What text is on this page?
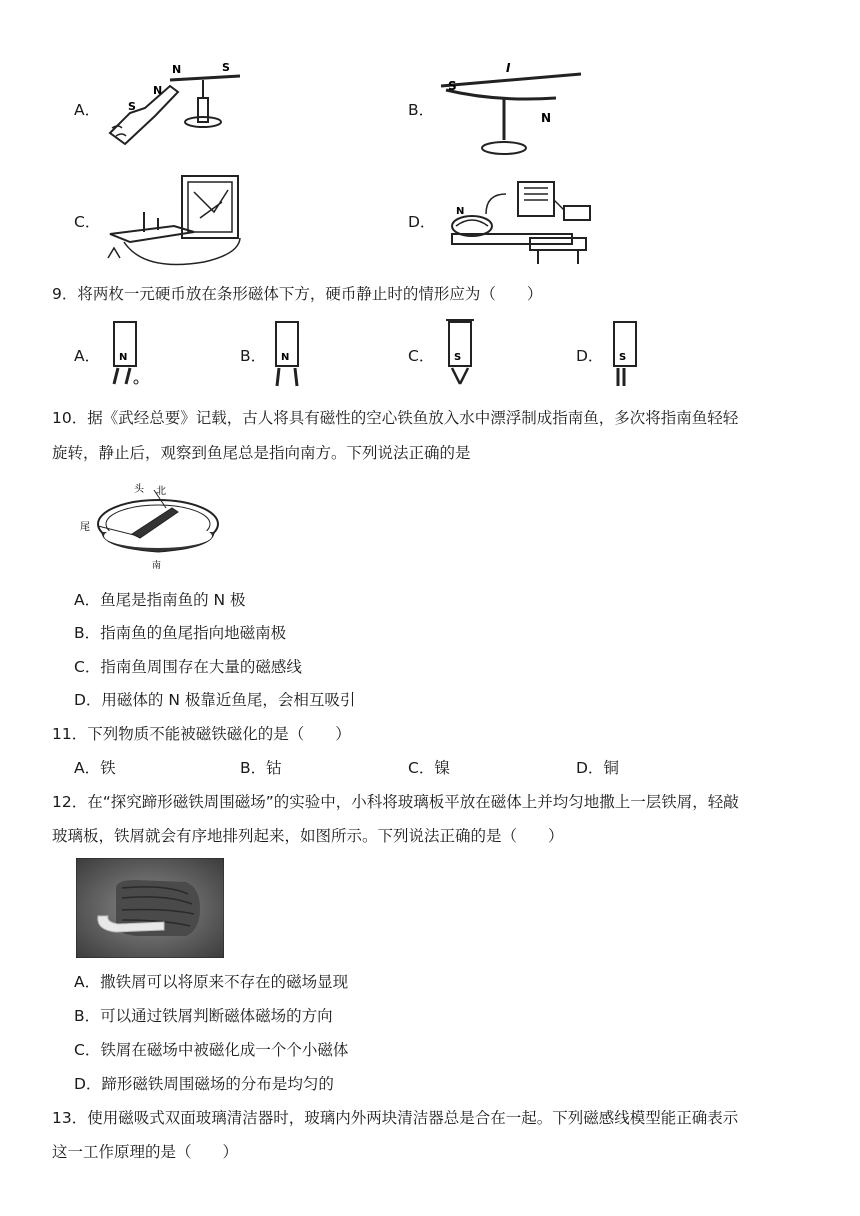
A．
N	S
S
N
B．
I
S
N
C．	D．
N
9．将两枚一元硬币放在条形磁体下方，硬币静止时的情形应为（　　）
A． N	B． N	C． S	D． S
10．据《武经总要》记载，古人将具有磁性的空心铁鱼放入水中漂浮制成指南鱼，多次将指南鱼轻轻
旋转，静止后，观察到鱼尾总是指向南方。下列说法正确的是
头 北
尾
南
A．鱼尾是指南鱼的 N 极
B．指南鱼的鱼尾指向地磁南极
C．指南鱼周围存在大量的磁感线
D．用磁体的 N 极靠近鱼尾，会相互吸引
11．下列物质不能被磁铁磁化的是（　　）
A．铁	B．钴	C．镍	D．铜
12．在“探究蹄形磁铁周围磁场”的实验中，小科将玻璃板平放在磁体上并均匀地撒上一层铁屑，轻敲
玻璃板，铁屑就会有序地排列起来，如图所示。下列说法正确的是（　　）
A．撒铁屑可以将原来不存在的磁场显现
B．可以通过铁屑判断磁体磁场的方向
C．铁屑在磁场中被磁化成一个个小磁体
D．蹄形磁铁周围磁场的分布是均匀的
13．使用磁吸式双面玻璃清洁器时，玻璃内外两块清洁器总是合在一起。下列磁感线模型能正确表示
这一工作原理的是（　　）
